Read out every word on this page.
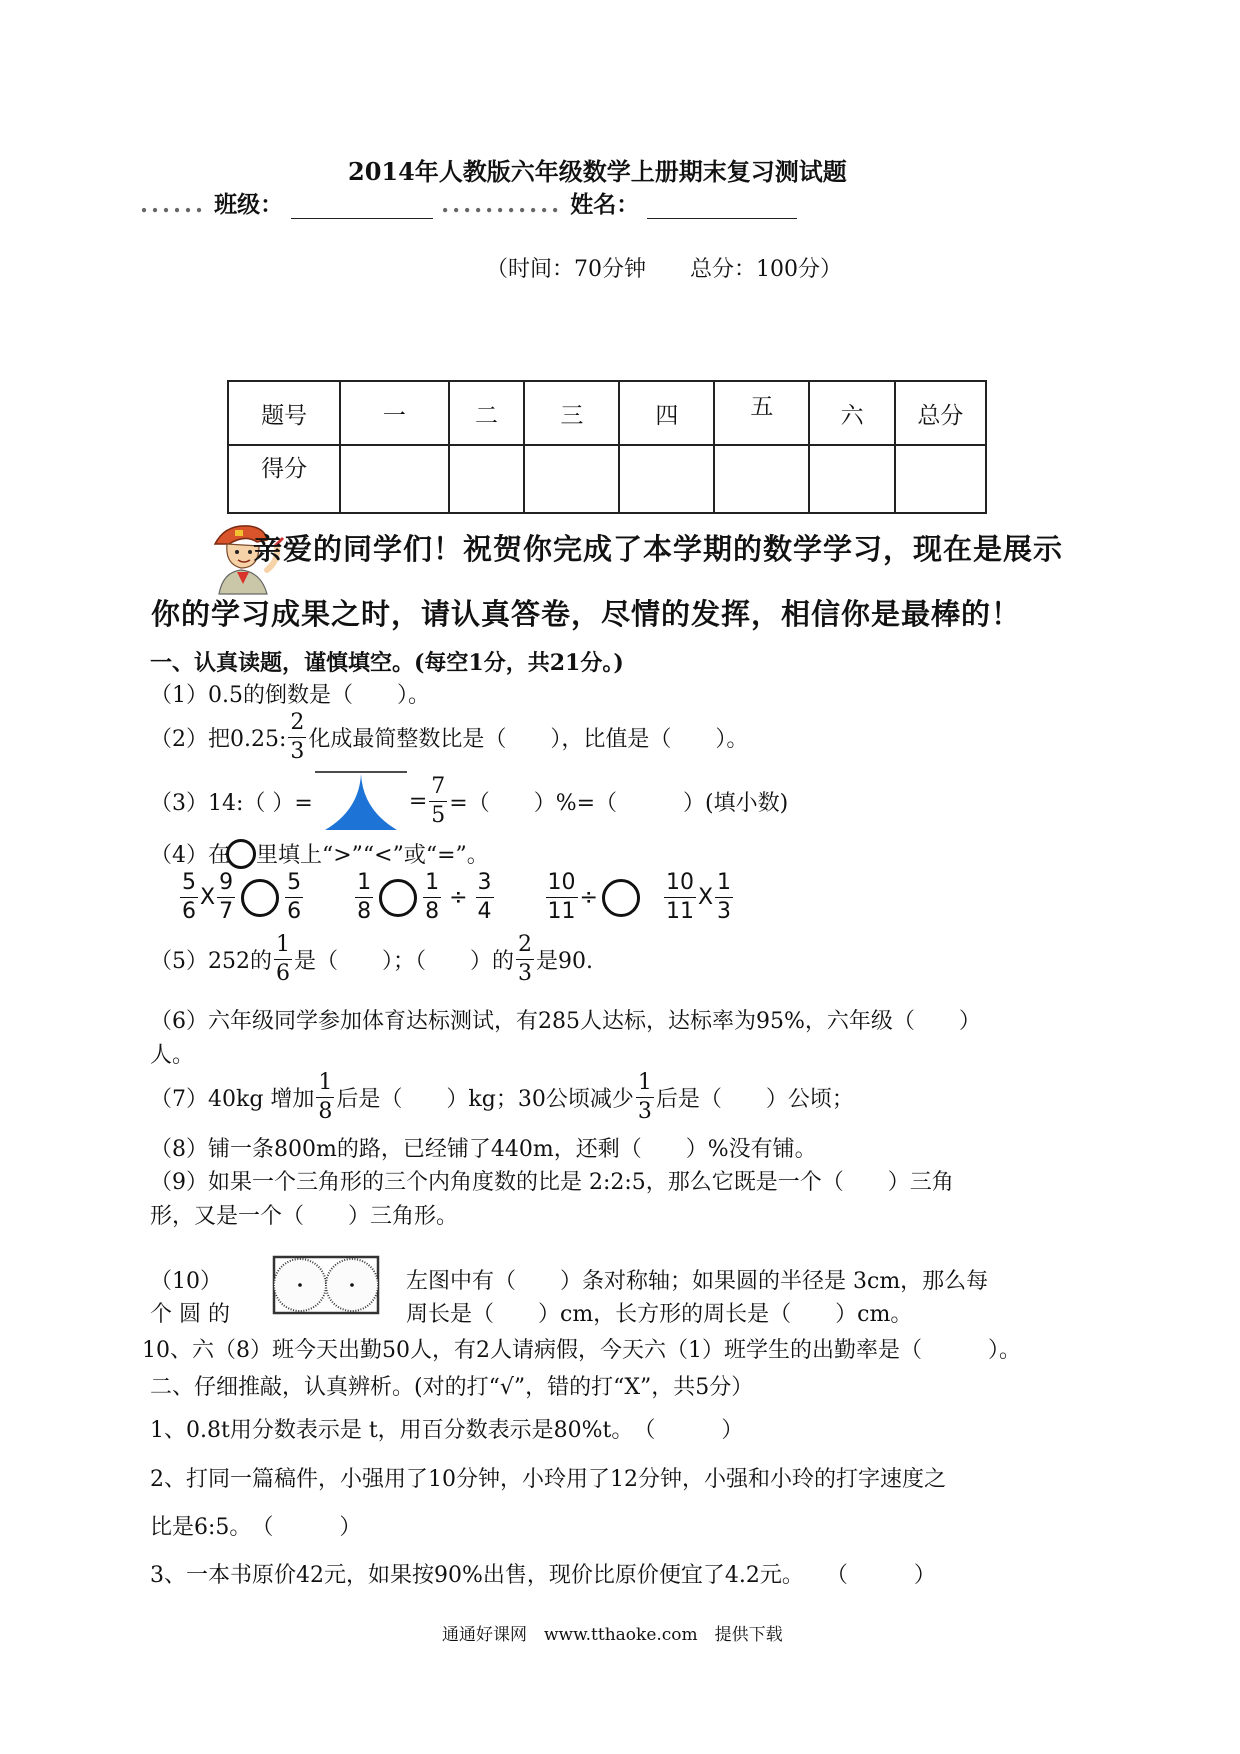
2014年人教版六年级数学上册期末复习测试题
...... 班级：	........... 姓名：
（时间：70分钟　　总分：100分）
题号	一	二	三	四	五	六	总分
得分							
亲爱的同学们！祝贺你完成了本学期的数学学习，现在是展示
你的学习成果之时，请认真答卷，尽情的发挥，相信你是最棒的！
一、认真读题，谨慎填空。(每空1分，共21分。)
（1）0.5的倒数是（　　）。
（2）把0.25: $\frac{2}{3}$ 化成最简整数比是（　　），比值是（　　）。
（3）14:（ ）=	= $\frac{7}{5}$ =（　　）%=（　　　）(填小数)
（4）在 里填上“>”“<”或“=”。
$\frac{5}{6}$ X $\frac{9}{7} \frac{5}{6} \frac{1}{8} \frac{1}{8} \div \frac{3}{4} \frac{10}{11}$ ÷	$\frac{10}{11}$ X $\frac{1}{3}$
（5）252的 $\frac{1}{6}$ 是（　　）；（　　）的 $\frac{2}{3}$ 是90.
（6）六年级同学参加体育达标测试，有285人达标，达标率为95%，六年级（　　）
人。
（7）40kg 增加 $\frac{1}{8}$ 后是（　　）kg；30公顷减少 $\frac{1}{3}$ 后是（　　）公顷；
（8）铺一条800m的路，已经铺了440m，还剩（　　）%没有铺。
（9）如果一个三角形的三个内角度数的比是 2:2:5，那么它既是一个（　　）三角
形，又是一个（　　）三角形。
（10）
个 圆 的
左图中有（　　）条对称轴；如果圆的半径是 3cm，那么每
周长是（　　）cm，长方形的周长是（　　）cm。
10、六（8）班今天出勤50人，有2人请病假，今天六（1）班学生的出勤率是（　　　）。
二、仔细推敲，认真辨析。(对的打“√”，错的打“X”，共5分）
1、0.8t用分数表示是 t，用百分数表示是80%t。　（　　　）
2、打同一篇稿件，小强用了10分钟，小玲用了12分钟，小强和小玲的打字速度之
比是6:5。　（　　　）
3、一本书原价42元，如果按90%出售，现价比原价便宜了4.2元。　　（　　　）
通通好课网　www.tthaoke.com　提供下载
